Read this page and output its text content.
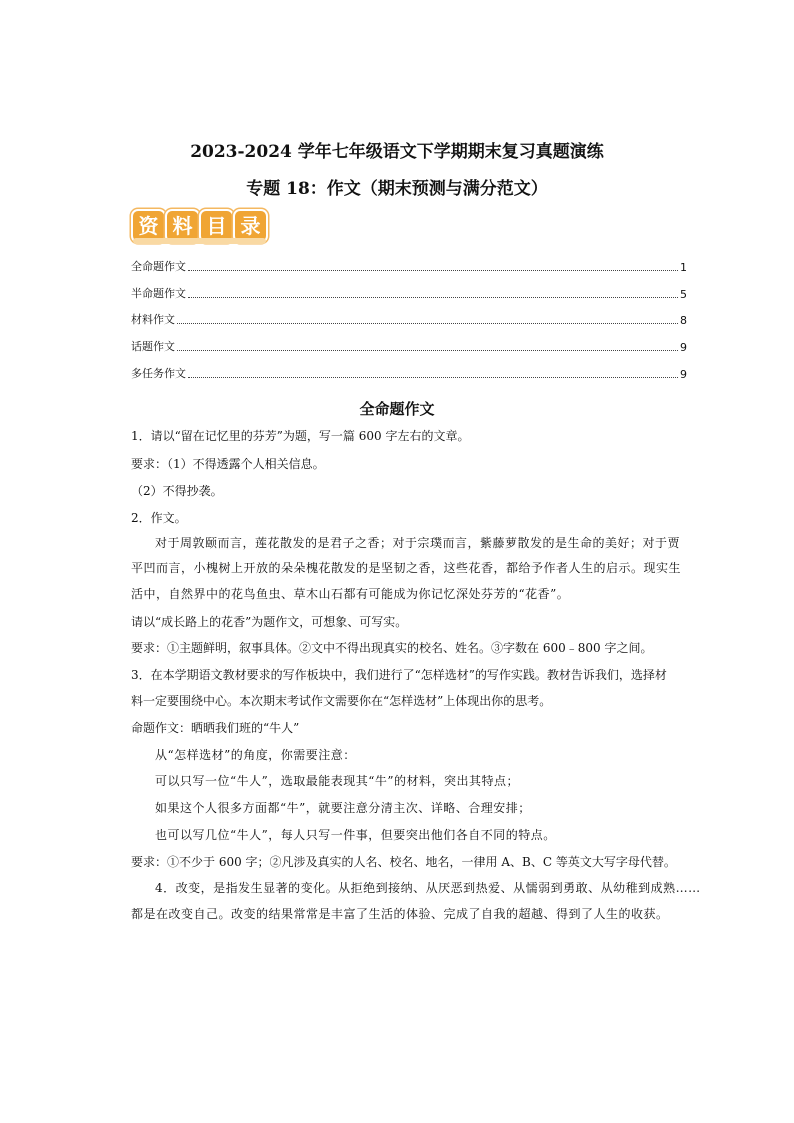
2023-2024 学年七年级语文下学期期末复习真题演练
专题 18：作文（期末预测与满分范文）
资 料 目 录
全命题作文	1
半命题作文	5
材料作文	8
话题作文	9
多任务作文	9
全命题作文
1．请以“留在记忆里的芬芳”为题，写一篇 600 字左右的文章。
要求：（1）不得透露个人相关信息。
（2）不得抄袭。
2．作文。
对于周敦颐而言，莲花散发的是君子之香；对于宗璞而言，紫藤萝散发的是生命的美好；对于贾
平凹而言，小槐树上开放的朵朵槐花散发的是坚韧之香，这些花香，都给予作者人生的启示。现实生
活中，自然界中的花鸟鱼虫、草木山石都有可能成为你记忆深处芬芳的“花香”。
请以“成长路上的花香”为题作文，可想象、可写实。
要求：①主题鲜明，叙事具体。②文中不得出现真实的校名、姓名。③字数在 600﹣800 字之间。
3．在本学期语文教材要求的写作板块中，我们进行了“怎样选材”的写作实践。教材告诉我们，选择材
料一定要围绕中心。本次期末考试作文需要你在“怎样选材”上体现出你的思考。
命题作文：晒晒我们班的“牛人”
从“怎样选材”的角度，你需要注意：
可以只写一位“牛人”，选取最能表现其“牛”的材料，突出其特点；
如果这个人很多方面都“牛”，就要注意分清主次、详略、合理安排；
也可以写几位“牛人”，每人只写一件事，但要突出他们各自不同的特点。
要求：①不少于 600 字；②凡涉及真实的人名、校名、地名，一律用 A、B、C 等英文大写字母代替。
4．改变，是指发生显著的变化。从拒绝到接纳、从厌恶到热爱、从懦弱到勇敢、从幼稚到成熟……
都是在改变自己。改变的结果常常是丰富了生活的体验、完成了自我的超越、得到了人生的收获。
